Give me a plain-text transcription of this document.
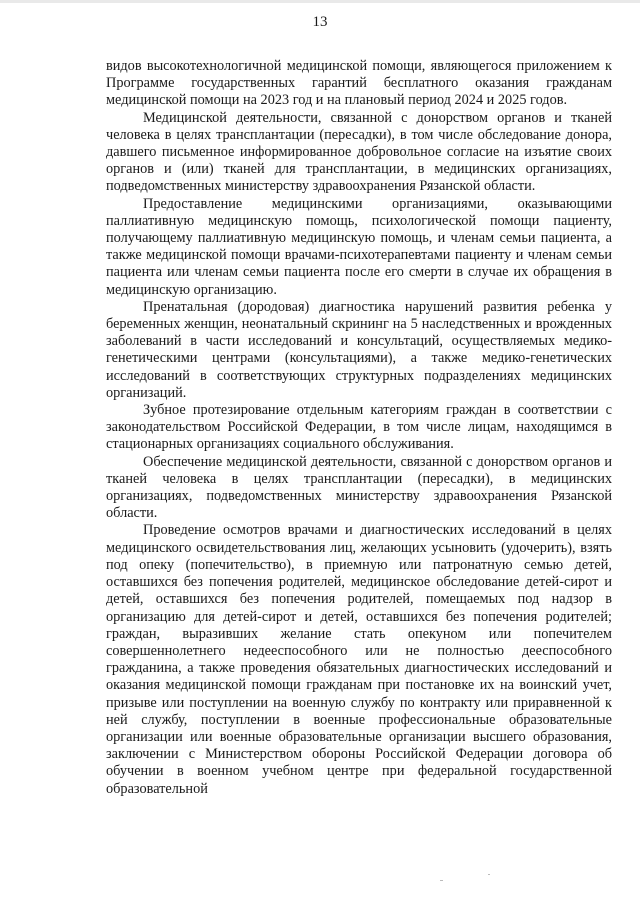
13

видов высокотехнологичной медицинской помощи, являющегося приложением к Программе государственных гарантий бесплатного оказания гражданам медицинской помощи на 2023 год и на плановый период 2024 и 2025 годов.

Медицинской деятельности, связанной с донорством органов и тканей человека в целях трансплантации (пересадки), в том числе обследование донора, давшего письменное информированное добровольное согласие на изъятие своих органов и (или) тканей для трансплантации, в медицинских организациях, подведомственных министерству здравоохранения Рязанской области.

Предоставление медицинскими организациями, оказывающими паллиативную медицинскую помощь, психологической помощи пациенту, получающему паллиативную медицинскую помощь, и членам семьи пациента, а также медицинской помощи врачами-психотерапевтами пациенту и членам семьи пациента или членам семьи пациента после его смерти в случае их обращения в медицинскую организацию.

Пренатальная (дородовая) диагностика нарушений развития ребенка у беременных женщин, неонатальный скрининг на 5 наследственных и врожденных заболеваний в части исследований и консультаций, осуществляемых медико-генетическими центрами (консультациями), а также медико-генетических исследований в соответствующих структурных подразделениях медицинских организаций.

Зубное протезирование отдельным категориям граждан в соответствии с законодательством Российской Федерации, в том числе лицам, находящимся в стационарных организациях социального обслуживания.

Обеспечение медицинской деятельности, связанной с донорством органов и тканей человека в целях трансплантации (пересадки), в медицинских организациях, подведомственных министерству здравоохранения Рязанской области.

Проведение осмотров врачами и диагностических исследований в целях медицинского освидетельствования лиц, желающих усыновить (удочерить), взять под опеку (попечительство), в приемную или патронатную семью детей, оставшихся без попечения родителей, медицинское обследование детей-сирот и детей, оставшихся без попечения родителей, помещаемых под надзор в организацию для детей-сирот и детей, оставшихся без попечения родителей; граждан, выразивших желание стать опекуном или попечителем совершеннолетнего недееспособного или не полностью дееспособного гражданина, а также проведения обязательных диагностических исследований и оказания медицинской помощи гражданам при постановке их на воинский учет, призыве или поступлении на военную службу по контракту или приравненной к ней службу, поступлении в военные профессиональные образовательные организации или военные образовательные организации высшего образования, заключении с Министерством обороны Российской Федерации договора об обучении в военном учебном центре при федеральной государственной образовательной
